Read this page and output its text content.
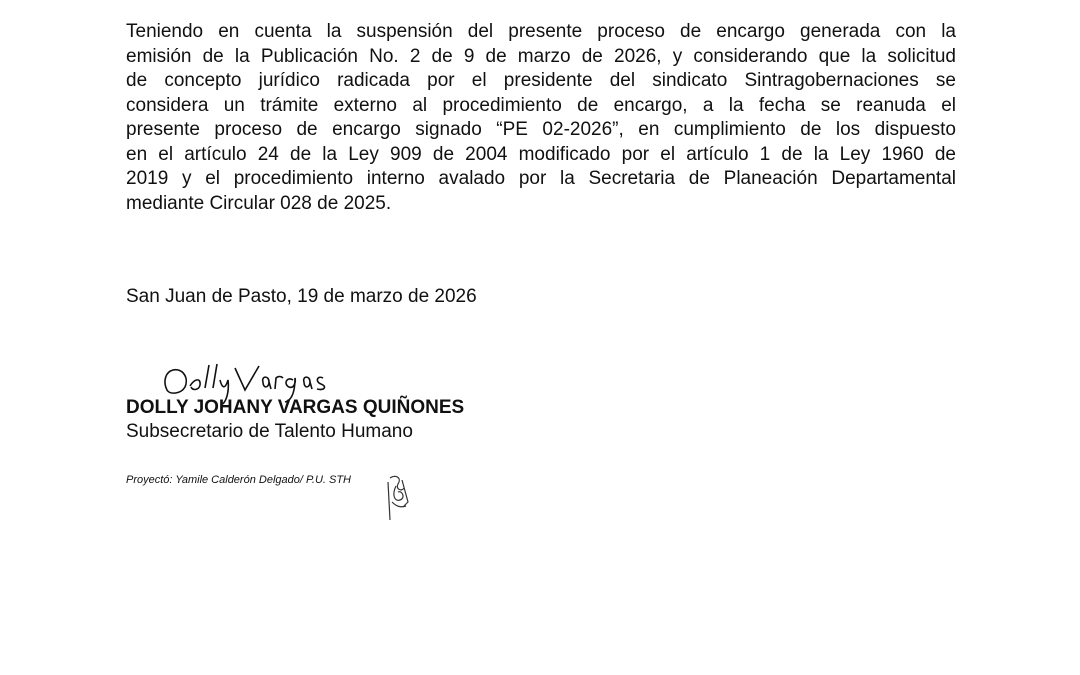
Teniendo en cuenta la suspensión del presente proceso de encargo generada con la
emisión de la Publicación No. 2 de 9 de marzo de 2026, y considerando que la solicitud
de concepto jurídico radicada por el presidente del sindicato Sintragobernaciones se
considera un trámite externo al procedimiento de encargo, a la fecha se reanuda el
presente proceso de encargo signado “PE 02-2026”, en cumplimiento de los dispuesto
en el artículo 24 de la Ley 909 de 2004 modificado por el artículo 1 de la Ley 1960 de
2019 y el procedimiento interno avalado por la Secretaria de Planeación Departamental
mediante Circular 028 de 2025.
San Juan de Pasto, 19 de marzo de 2026
DOLLY JOHANY VARGAS QUIÑONES
Subsecretario de Talento Humano
Proyectó: Yamile Calderón Delgado/ P.U. STH
